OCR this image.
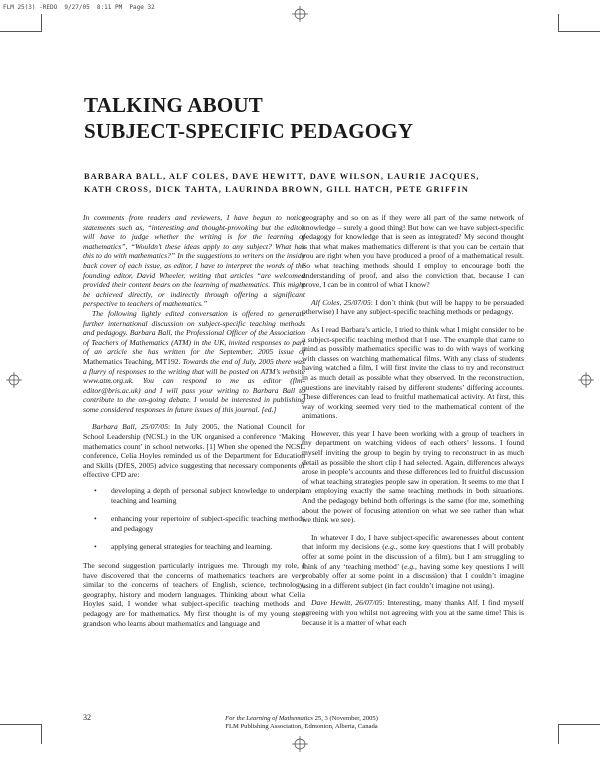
FLM 25(3) -REDO  9/27/05  8:11 PM  Page 32
TALKING ABOUT
SUBJECT-SPECIFIC PEDAGOGY
BARBARA BALL, ALF COLES, DAVE HEWITT, DAVE WILSON, LAURIE JACQUES,
KATH CROSS, DICK TAHTA, LAURINDA BROWN, GILL HATCH, PETE GRIFFIN

In comments from readers and reviewers, I have begun to notice statements such as, “interesting and thought-provoking but the editor will have to judge whether the writing is for the learning of mathematics”, “Wouldn’t these ideas apply to any subject? What has this to do with mathematics?” In the suggestions to writers on the inside back cover of each issue, as editor, I have to interpret the words of the founding editor, David Wheeler, writing that articles “are welcomed provided their content bears on the learning of mathematics. This might be achieved directly, or indirectly through offering a significant perspective to teachers of mathematics.”

The following lightly edited conversation is offered to generate further international discussion on subject-specific teaching methods and pedagogy. Barbara Ball, the Professional Officer of the Association of Teachers of Mathematics (ATM) in the UK, invited responses to part of an article she has written for the September, 2005 issue of Mathematics Teaching, MT192. Towards the end of July, 2005 there was a flurry of responses to the writing that will be posted on ATM’s website www.atm.org.uk. You can respond to me as editor (flm-editor@bris.ac.uk) and I will pass your writing to Barbara Ball to contribute to the on-going debate. I would be interested in publishing some considered responses in future issues of this journal. [ed.]

Barbara Ball, 25/07/05: In July 2005, the National Council for School Leadership (NCSL) in the UK organised a conference ‘Making mathematics count’ in school networks. [1] When she opened the NCSL conference, Celia Hoyles reminded us of the Department for Education and Skills (DfES, 2005) advice suggesting that necessary components of effective CPD are:

• developing a depth of personal subject knowledge to underpin teaching and learning
• enhancing your repertoire of subject-specific teaching methods and pedagogy
• applying general strategies for teaching and learning.

The second suggestion particularly intrigues me. Through my role, I have discovered that the concerns of mathematics teachers are very similar to the concerns of teachers of English, science, technology, geography, history and modern languages. Thinking about what Celia Hoyles said, I wonder what subject-specific teaching methods and pedagogy are for mathematics. My first thought is of my young step grandson who learns about mathematics and language and

geography and so on as if they were all part of the same network of knowledge – surely a good thing! But how can we have subject-specific pedagogy for knowledge that is seen as integrated? My second thought is that what makes mathematics different is that you can be certain that you are right when you have produced a proof of a mathematical result. So what teaching methods should I employ to encourage both the understanding of proof, and also the conviction that, because I can prove, I can be in control of what I know?

Alf Coles, 25/07/05: I don’t think (but will be happy to be persuaded otherwise) I have any subject-specific teaching methods or pedagogy.

As I read Barbara’s article, I tried to think what I might consider to be a subject-specific teaching method that I use. The example that came to mind as possibly mathematics specific was to do with ways of working with classes on watching mathematical films. With any class of students having watched a film, I will first invite the class to try and reconstruct in as much detail as possible what they observed. In the reconstruction, questions are inevitably raised by different students’ differing accounts. These differences can lead to fruitful mathematical activity. At first, this way of working seemed very tied to the mathematical content of the animations.

However, this year I have been working with a group of teachers in my department on watching videos of each others’ lessons. I found myself inviting the group to begin by trying to reconstruct in as much detail as possible the short clip I had selected. Again, differences always arose in people’s accounts and these differences led to fruitful discussion of what teaching strategies people saw in operation. It seems to me that I am employing exactly the same teaching methods in both situations. And the pedagogy behind both offerings is the same (for me, something about the power of focusing attention on what we see rather than what we think we see).

In whatever I do, I have subject-specific awarenesses about content that inform my decisions (e.g., some key questions that I will probably offer at some point in the discussion of a film), but I am struggling to think of any ‘teaching method’ (e.g., having some key questions I will probably offer at some point in a discussion) that I couldn’t imagine using in a different subject (in fact couldn’t imagine not using).

Dave Hewitt, 26/07/05: Interesting, many thanks Alf. I find myself agreeing with you whilst not agreeing with you at the same time! This is because it is a matter of what each

32	For the Learning of Mathematics 25, 3 (November, 2005)
FLM Publishing Association, Edmonton, Alberta, Canada
